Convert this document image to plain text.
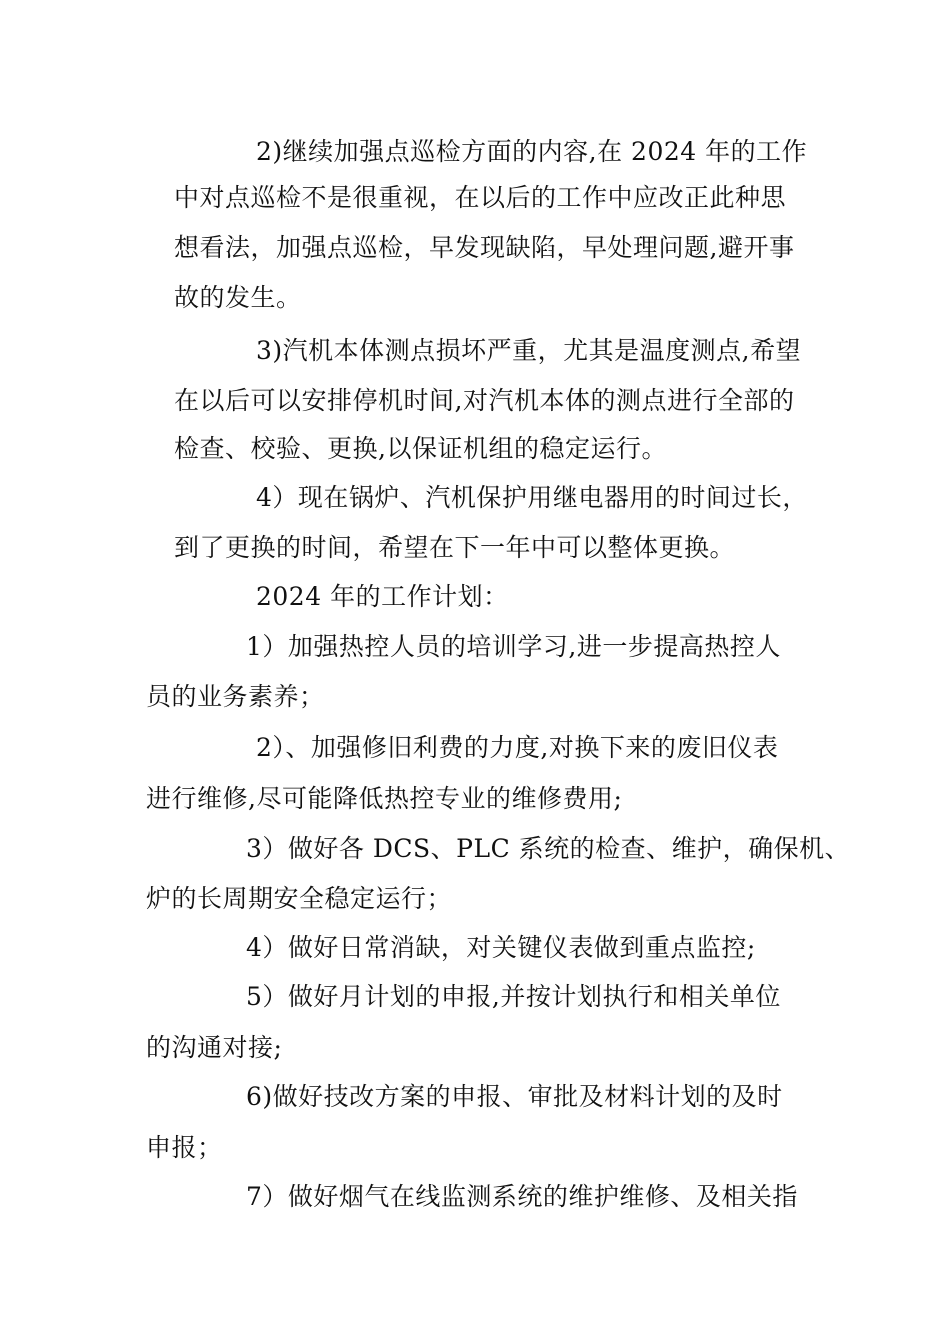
2)继续加强点巡检方面的内容,在 2024 年的工作
中对点巡检不是很重视，在以后的工作中应改正此种思
想看法，加强点巡检，早发现缺陷，早处理问题,避开事
故的发生。
3)汽机本体测点损坏严重，尤其是温度测点,希望
在以后可以安排停机时间,对汽机本体的测点进行全部的
检查、校验、更换,以保证机组的稳定运行。
4）现在锅炉、汽机保护用继电器用的时间过长，
到了更换的时间，希望在下一年中可以整体更换。
2024 年的工作计划：
1）加强热控人员的培训学习,进一步提高热控人
员的业务素养；
2）、加强修旧利费的力度,对换下来的废旧仪表
进行维修,尽可能降低热控专业的维修费用;
3）做好各 DCS、PLC 系统的检查、维护，确保机、
炉的长周期安全稳定运行；
4）做好日常消缺，对关键仪表做到重点监控;
5）做好月计划的申报,并按计划执行和相关单位
的沟通对接;
6)做好技改方案的申报、审批及材料计划的及时
申报；
7）做好烟气在线监测系统的维护维修、及相关指
